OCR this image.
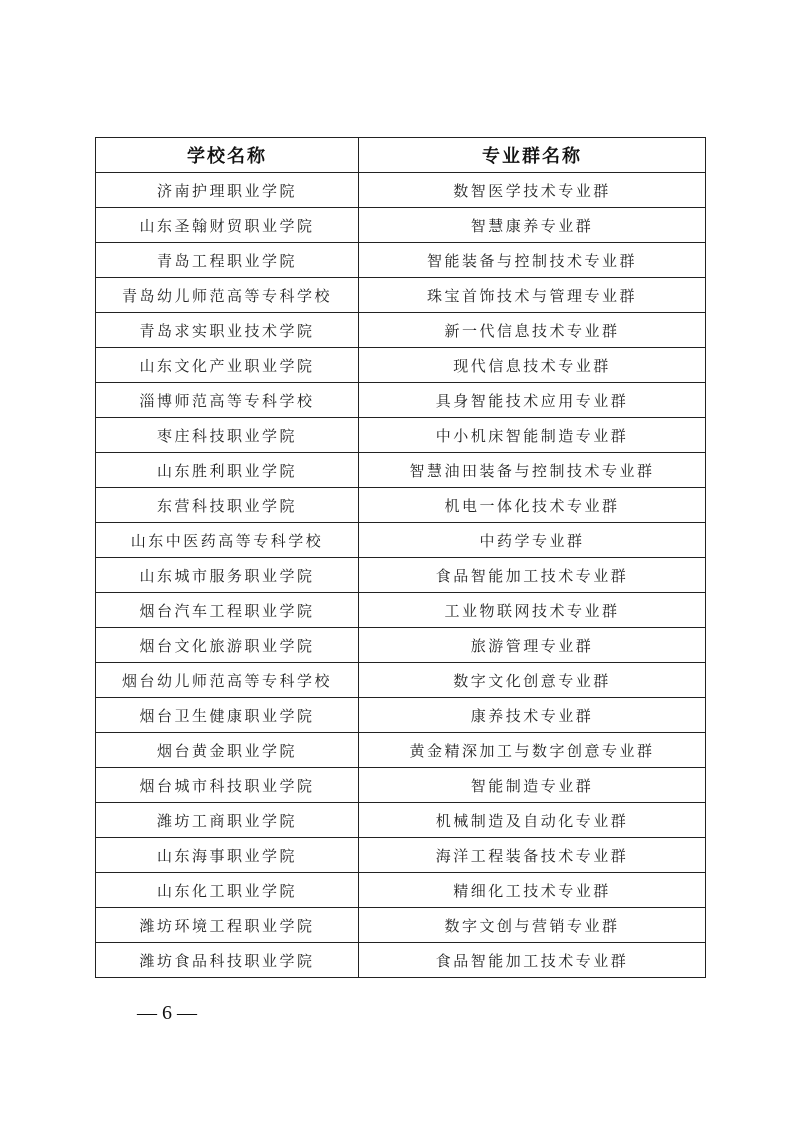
学校名称	专业群名称
济南护理职业学院	数智医学技术专业群
山东圣翰财贸职业学院	智慧康养专业群
青岛工程职业学院	智能装备与控制技术专业群
青岛幼儿师范高等专科学校	珠宝首饰技术与管理专业群
青岛求实职业技术学院	新一代信息技术专业群
山东文化产业职业学院	现代信息技术专业群
淄博师范高等专科学校	具身智能技术应用专业群
枣庄科技职业学院	中小机床智能制造专业群
山东胜利职业学院	智慧油田装备与控制技术专业群
东营科技职业学院	机电一体化技术专业群
山东中医药高等专科学校	中药学专业群
山东城市服务职业学院	食品智能加工技术专业群
烟台汽车工程职业学院	工业物联网技术专业群
烟台文化旅游职业学院	旅游管理专业群
烟台幼儿师范高等专科学校	数字文化创意专业群
烟台卫生健康职业学院	康养技术专业群
烟台黄金职业学院	黄金精深加工与数字创意专业群
烟台城市科技职业学院	智能制造专业群
潍坊工商职业学院	机械制造及自动化专业群
山东海事职业学院	海洋工程装备技术专业群
山东化工职业学院	精细化工技术专业群
潍坊环境工程职业学院	数字文创与营销专业群
潍坊食品科技职业学院	食品智能加工技术专业群
— 6 —
